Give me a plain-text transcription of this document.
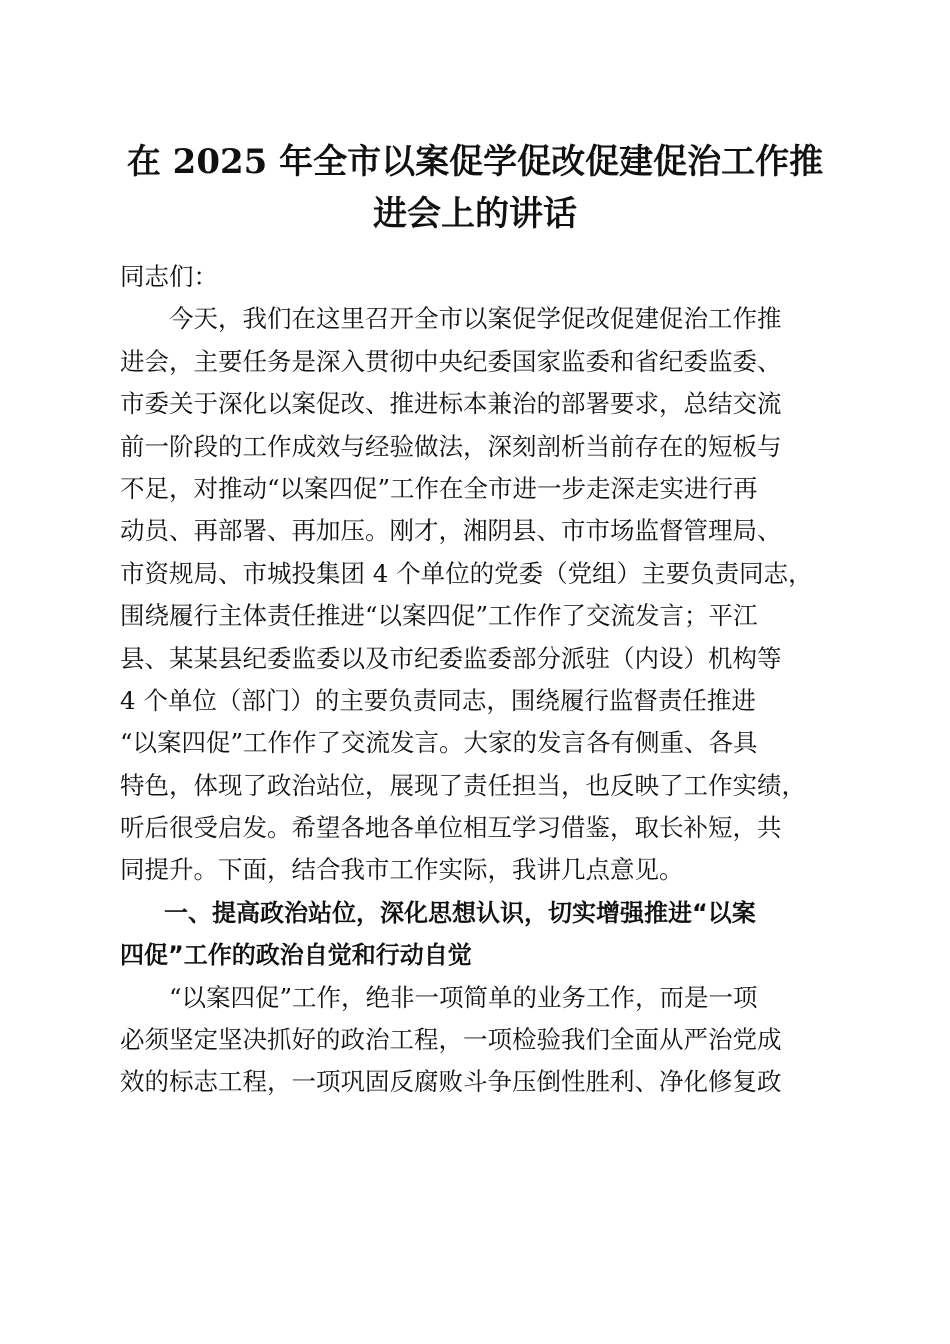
在 2025 年全市以案促学促改促建促治工作推
进会上的讲话
同志们：
今天，我们在这里召开全市以案促学促改促建促治工作推
进会，主要任务是深入贯彻中央纪委国家监委和省纪委监委、
市委关于深化以案促改、推进标本兼治的部署要求，总结交流
前一阶段的工作成效与经验做法，深刻剖析当前存在的短板与
不足，对推动“以案四促”工作在全市进一步走深走实进行再
动员、再部署、再加压。刚才，湘阴县、市市场监督管理局、
市资规局、市城投集团 4 个单位的党委（党组）主要负责同志，
围绕履行主体责任推进“以案四促”工作作了交流发言；平江
县、某某县纪委监委以及市纪委监委部分派驻（内设）机构等
4 个单位（部门）的主要负责同志，围绕履行监督责任推进
“以案四促”工作作了交流发言。大家的发言各有侧重、各具
特色，体现了政治站位，展现了责任担当，也反映了工作实绩，
听后很受启发。希望各地各单位相互学习借鉴，取长补短，共
同提升。下面，结合我市工作实际，我讲几点意见。
一、提高政治站位，深化思想认识，切实增强推进“以案
四促”工作的政治自觉和行动自觉
“以案四促”工作，绝非一项简单的业务工作，而是一项
必须坚定坚决抓好的政治工程，一项检验我们全面从严治党成
效的标志工程，一项巩固反腐败斗争压倒性胜利、净化修复政
